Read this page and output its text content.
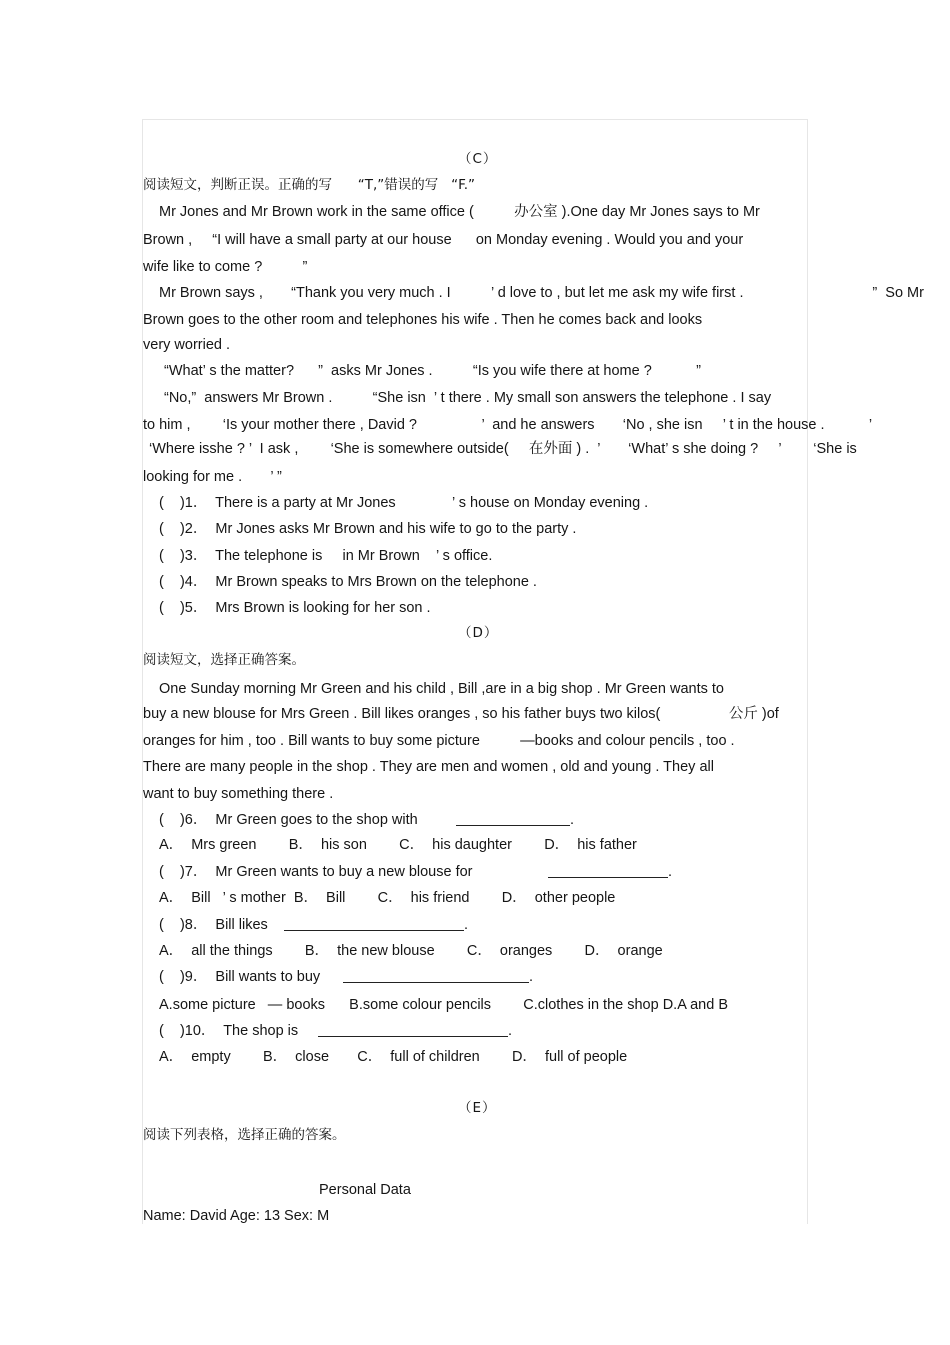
（C）
阅读短文，判断正误。正确的写      “T,”错误的写   “F.”
Mr Jones and Mr Brown work in the same office (          办公室 ).One day Mr Jones says to Mr
Brown ,     “I will have a small party at our house      on Monday evening . Would you and your
wife like to come ?          ”
Mr Brown says ,       “Thank you very much . I          ’ d love to , but let me ask my wife first .                                ”  So Mr
Brown goes to the other room and telephones his wife . Then he comes back and looks
very worried .
“What’ s the matter?      ”  asks Mr Jones .          “Is you wife there at home ?           ”
“No,”  answers Mr Brown .          “She isn  ’ t there . My small son answers the telephone . I say
to him ,        ‘Is your mother there , David ?                ’  and he answers       ‘No , she isn     ’ t in the house .           ’
‘Where isshe ? ’  I ask ,        ‘She is somewhere outside(     在外面 ) .  ’       ‘What’ s she doing ?     ’        ‘She is
looking for me .       ’ ”
(    )1．  There is a party at Mr Jones              ’ s house on Monday evening .
(    )2．  Mr Jones asks Mr Brown and his wife to go to the party .
(    )3．  The telephone is     in Mr Brown    ’ s office.
(    )4．  Mr Brown speaks to Mrs Brown on the telephone .
(    )5．  Mrs Brown is looking for her son .
（D）
阅读短文，选择正确答案。
One Sunday morning Mr Green and his child , Bill ,are in a big shop . Mr Green wants to
buy a new blouse for Mrs Green . Bill likes oranges , so his father buys two kilos(                 公斤 )of
oranges for him , too . Bill wants to buy some picture          —books and colour pencils , too .
There are many people in the shop . They are men and women , old and young . They all
want to buy something there .
(    )6．  Mr Green goes to the shop with	.
A．  Mrs green        B．  his son        C．  his daughter        D．  his father
(    )7．  Mr Green wants to buy a new blouse for	.
A．  Bill   ’ s mother  B．  Bill        C．  his friend        D．  other people
(    )8．  Bill likes	.
A．  all the things        B．  the new blouse        C．  oranges        D．  orange
(    )9．  Bill wants to buy	.
A.some picture   — books      B.some colour pencils        C.clothes in the shop D.A and B
(    )10．  The shop is	.
A．  empty        B．  close       C．  full of children        D．  full of people
（E）
阅读下列表格，选择正确的答案。
Personal Data
Name: David Age: 13 Sex: M
